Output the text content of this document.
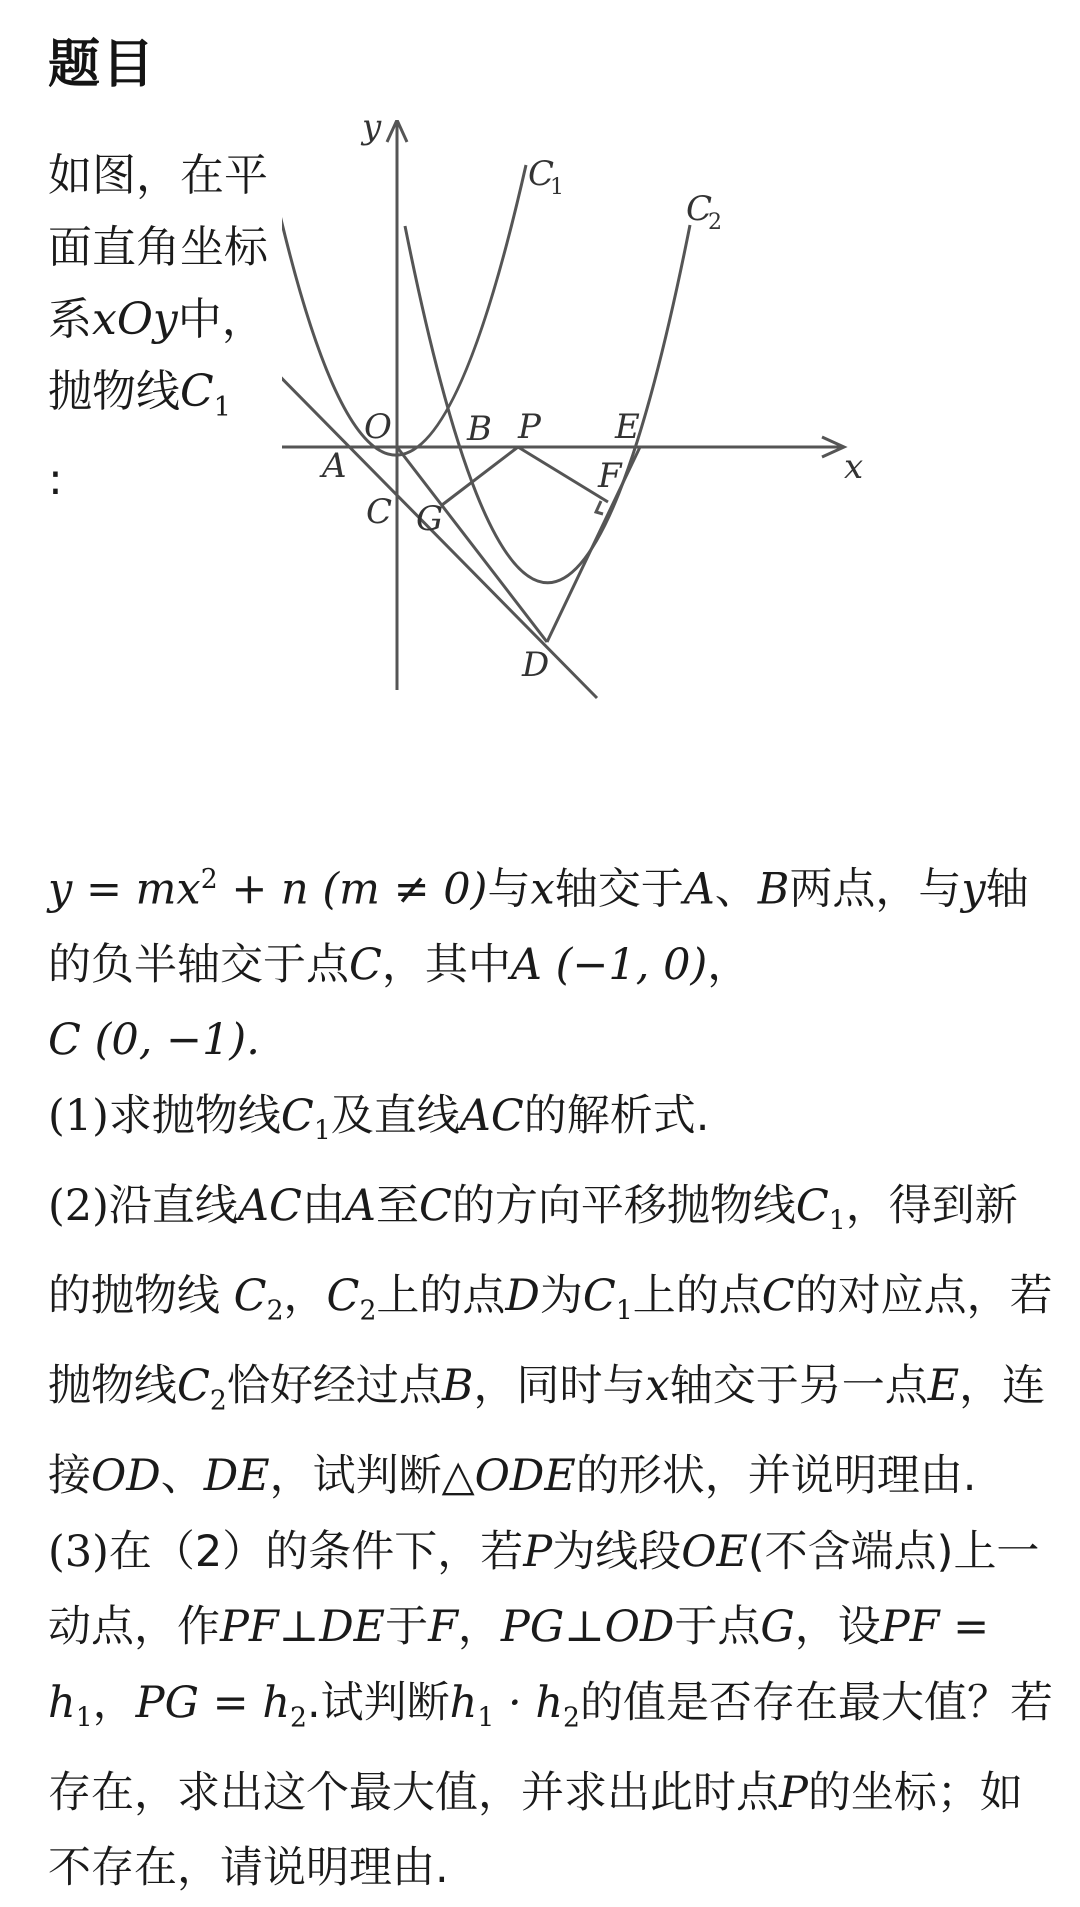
题目
如图，在平
面直角坐标
系xOy中，
抛物线$C_1$
:
y
x
O
A
B P E
F
C G
D
C
1
C
2

$y = mx^2 + n$ (m ≠ 0)与x轴交于A、B两点，与y轴的负半轴交于点C，其中A (−1, 0)，
C (0, −1).

(1)求抛物线$C_1$及直线AC的解析式.

(2)沿直线AC由A至C的方向平移抛物线$C_1$，得到新的抛物线 $C_2$，$C_2$上的点D为$C_1$上的点C的对应点，若抛物线$C_2$恰好经过点B，同时与x轴交于另一点E，连接OD、DE，试判断△ODE的形状，并说明理由.

(3)在（2）的条件下，若P为线段OE(不含端点)上一动点，作PF⊥DE于F，PG⊥OD于点G，设PF = $h_1$，PG = $h_2$.试判断$h_1 \cdot h_2$的值是否存在最大值？若存在，求出这个最大值，并求出此时点P的坐标；如不存在，请说明理由.
